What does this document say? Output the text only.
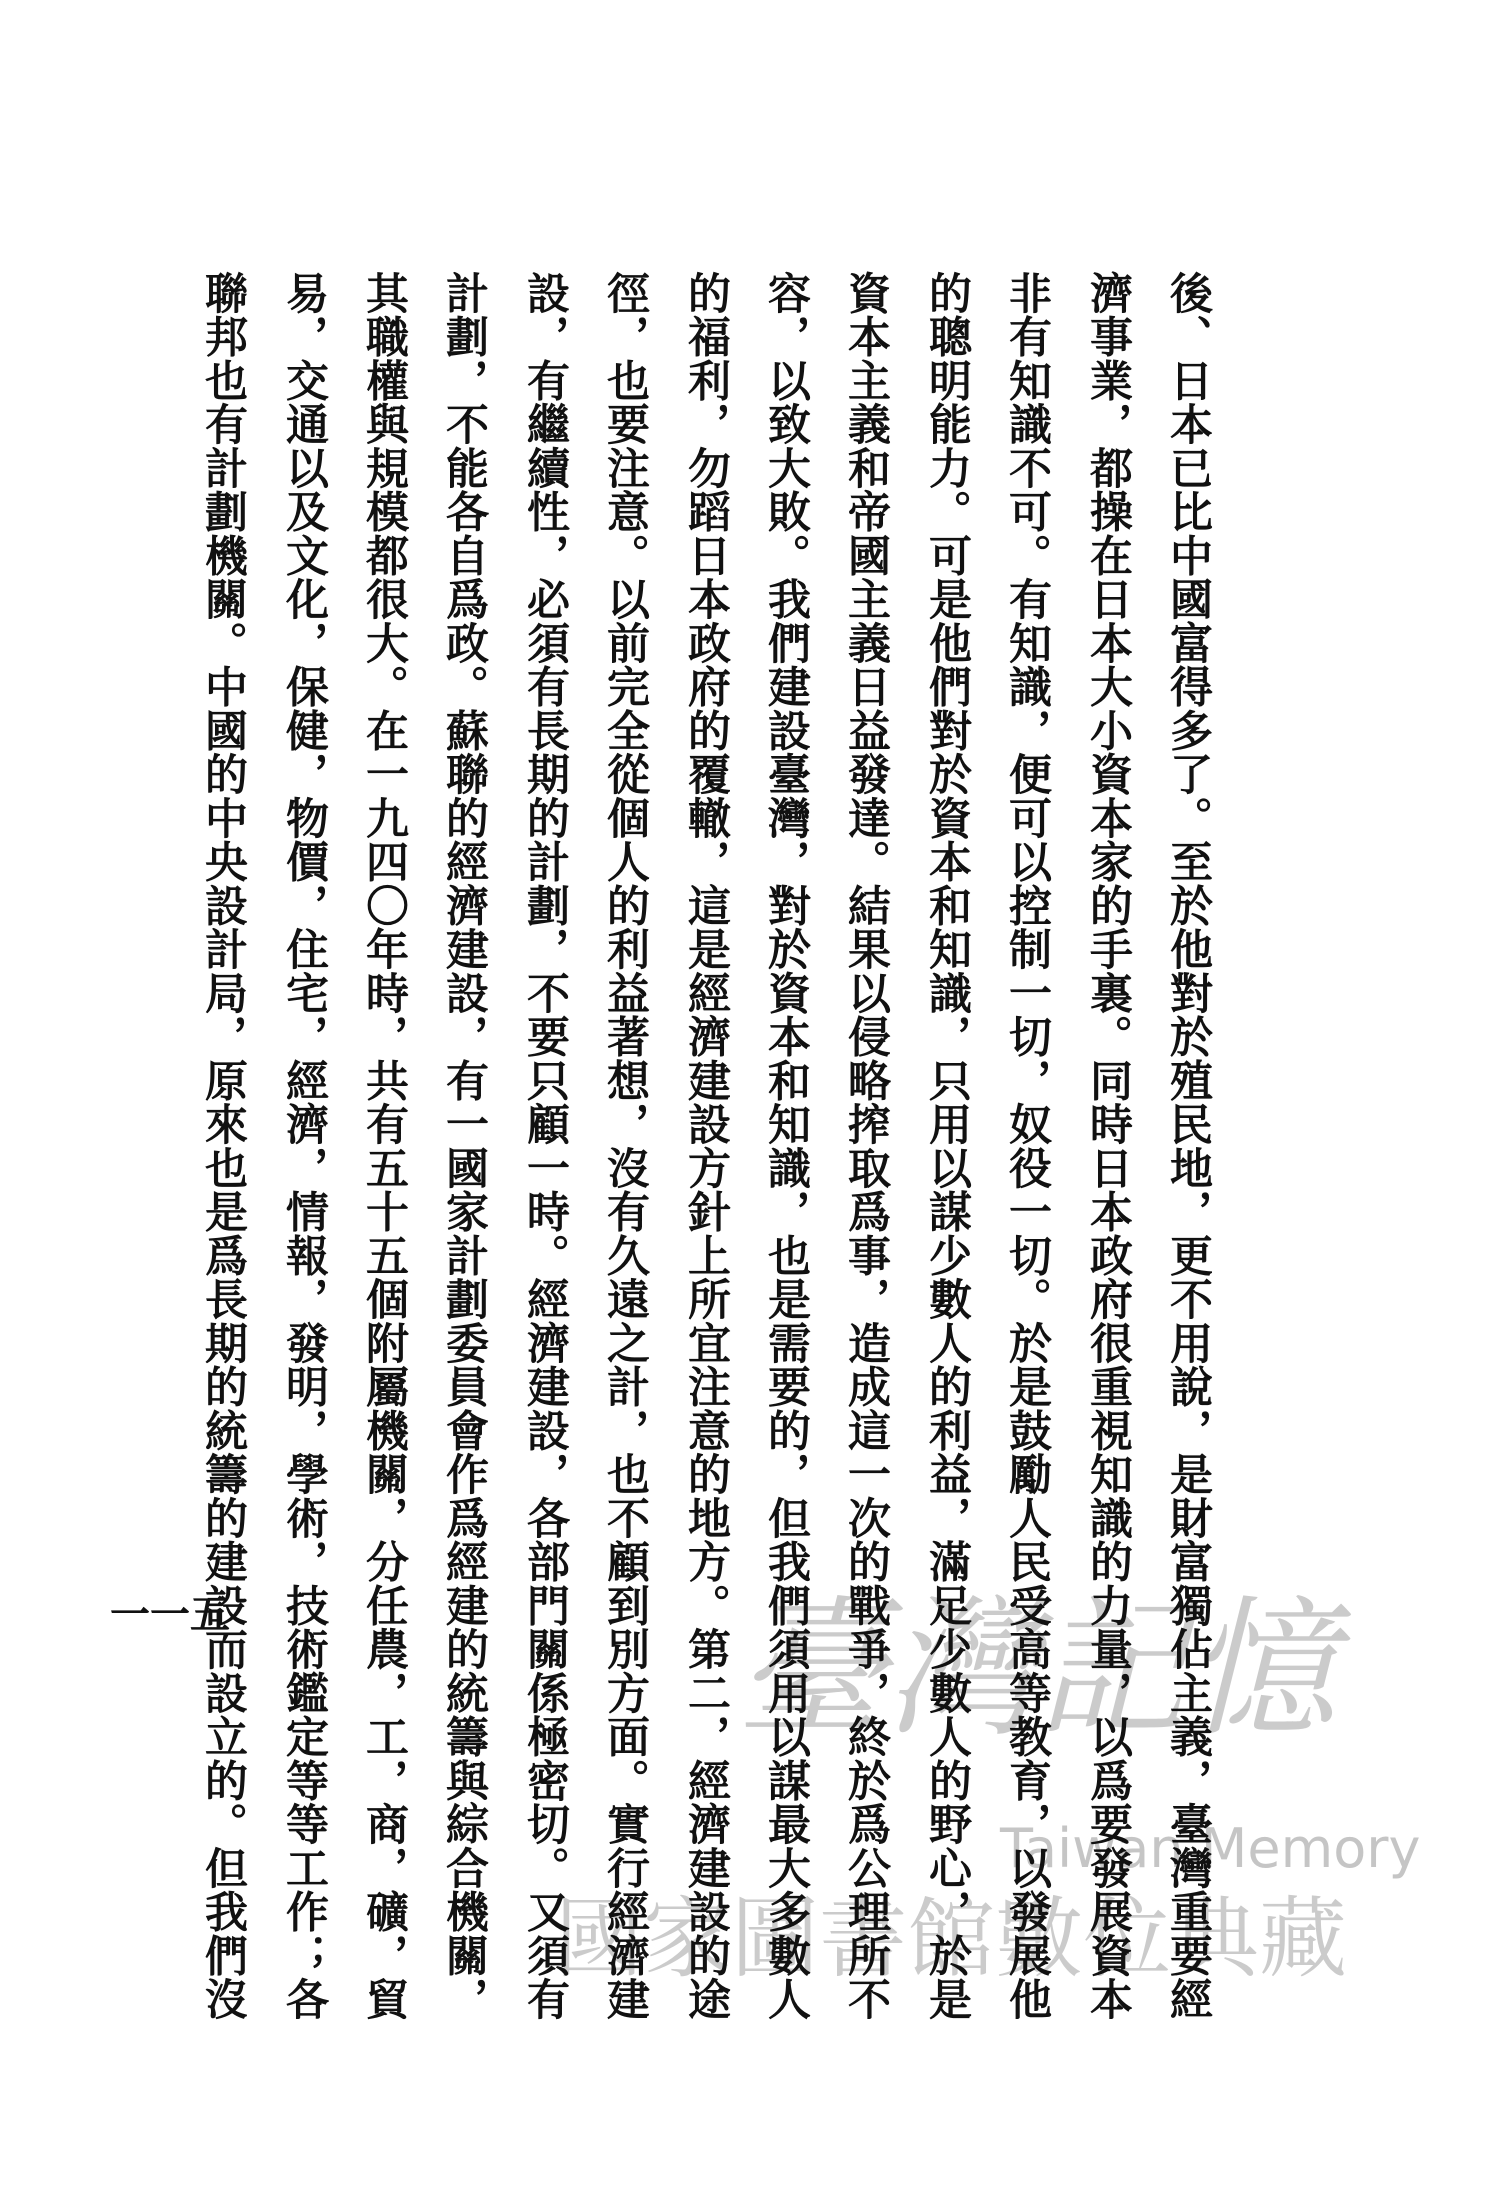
臺灣記憶
Taiwan Memory
國家圖書館數位典藏
後、日本已比中國富得多了。至於他對於殖民地，更不用說，是財富獨佔主義，臺灣重要經
濟事業，都操在日本大小資本家的手裏。同時日本政府很重視知識的力量，以爲要發展資本
非有知識不可。有知識，便可以控制一切，奴役一切。於是鼓勵人民受高等教育，以發展他
的聰明能力。可是他們對於資本和知識，只用以謀少數人的利益，滿足少數人的野心，於是
資本主義和帝國主義日益發達。結果以侵略搾取爲事，造成這一次的戰爭，終於爲公理所不
容，以致大敗。我們建設臺灣，對於資本和知識，也是需要的，但我們須用以謀最大多數人
的福利，勿蹈日本政府的覆轍，這是經濟建設方針上所宜注意的地方。第二，經濟建設的途
徑，也要注意。以前完全從個人的利益著想，沒有久遠之計，也不顧到別方面。實行經濟建
設，有繼續性，必須有長期的計劃，不要只顧一時。經濟建設，各部門關係極密切。又須有
計劃，不能各自爲政。蘇聯的經濟建設，有一國家計劃委員會作爲經建的統籌與綜合機關，
其職權與規模都很大。在一九四〇年時，共有五十五個附屬機關，分任農，工，商，礦，貿
易，交通以及文化，保健，物價，住宅，經濟，情報，發明，學術，技術鑑定等等工作；各
聯邦也有計劃機關。中國的中央設計局，原來也是爲長期的統籌的建設而設立的。但我們沒
一一五
